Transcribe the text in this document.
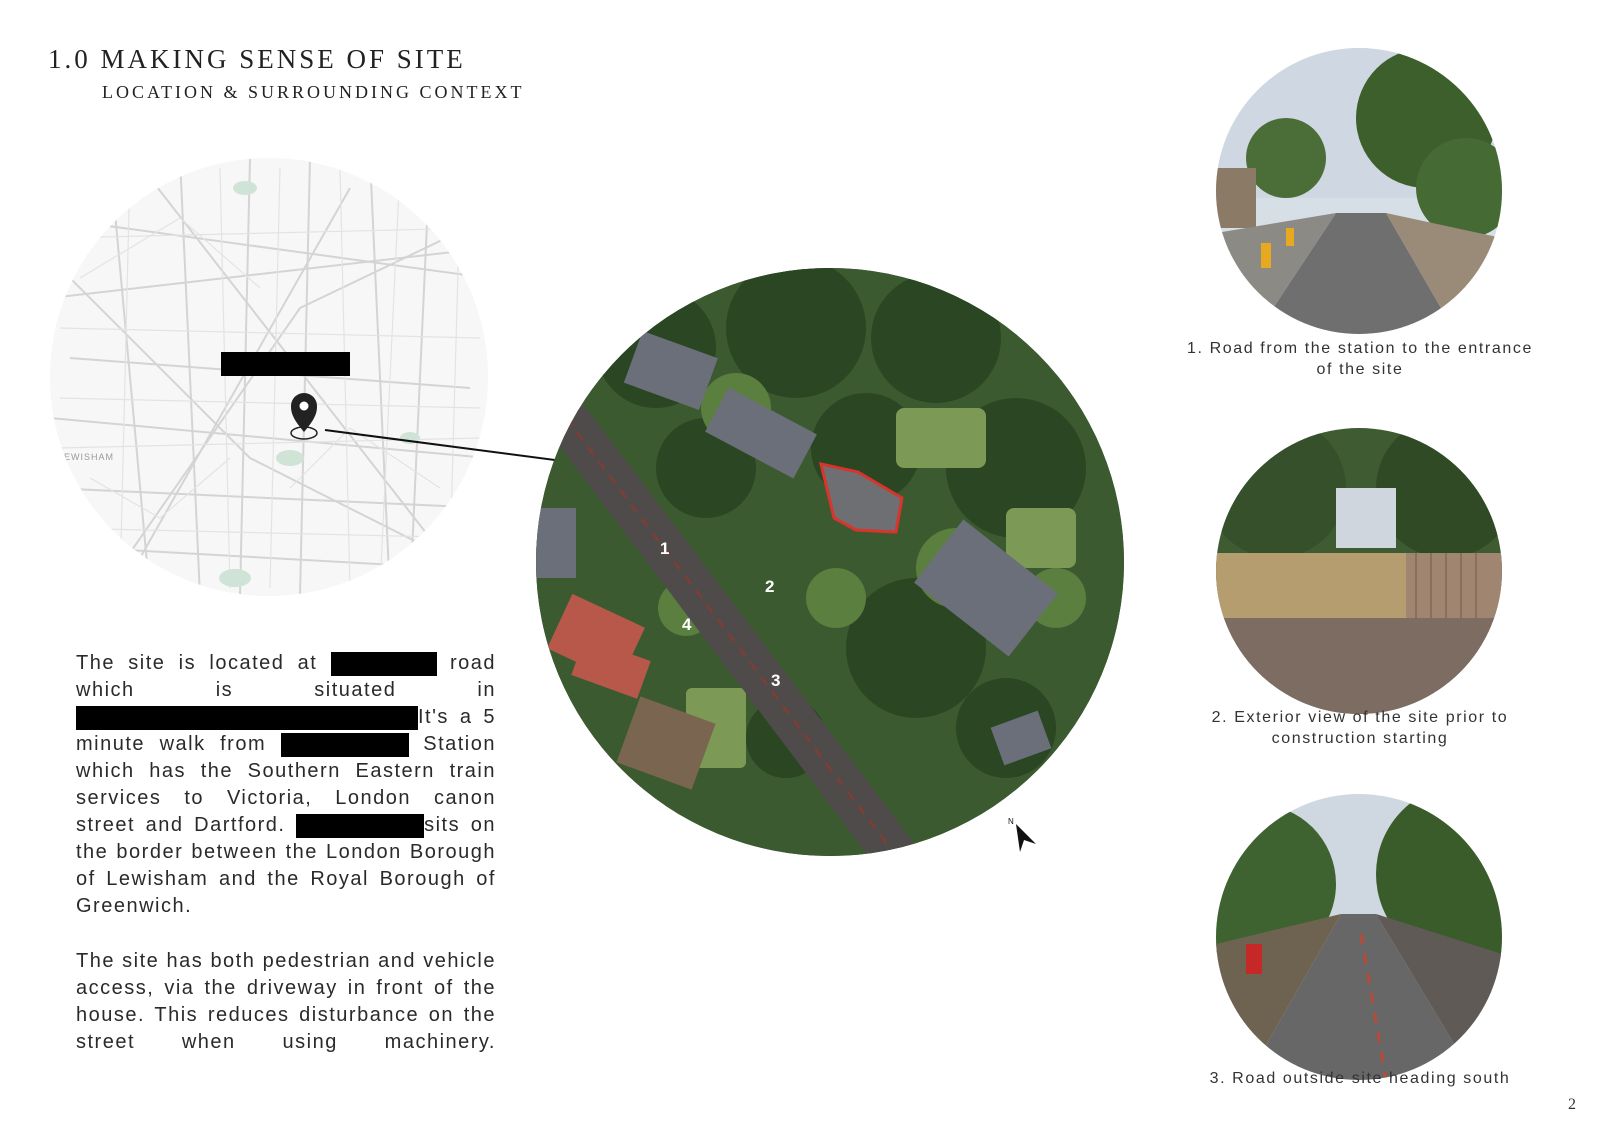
1.0 MAKING SENSE OF SITE
LOCATION & SURROUNDING CONTEXT
EWISHAM
1
2
3
4
N
1. Road from the station to the entrance of the site
2. Exterior view of the site prior to construction starting
3. Road outside site heading south
The site is located at	road which is situated in It's a 5 minute walk from	Station which has the Southern Eastern train services to Victoria, London canon street and Dartford.	sits on the border between the London Borough of Lewisham and the Royal Borough of Greenwich.
The site has both pedestrian and vehicle access, via the driveway in front of the house. This reduces disturbance on the street when using machinery.
2
